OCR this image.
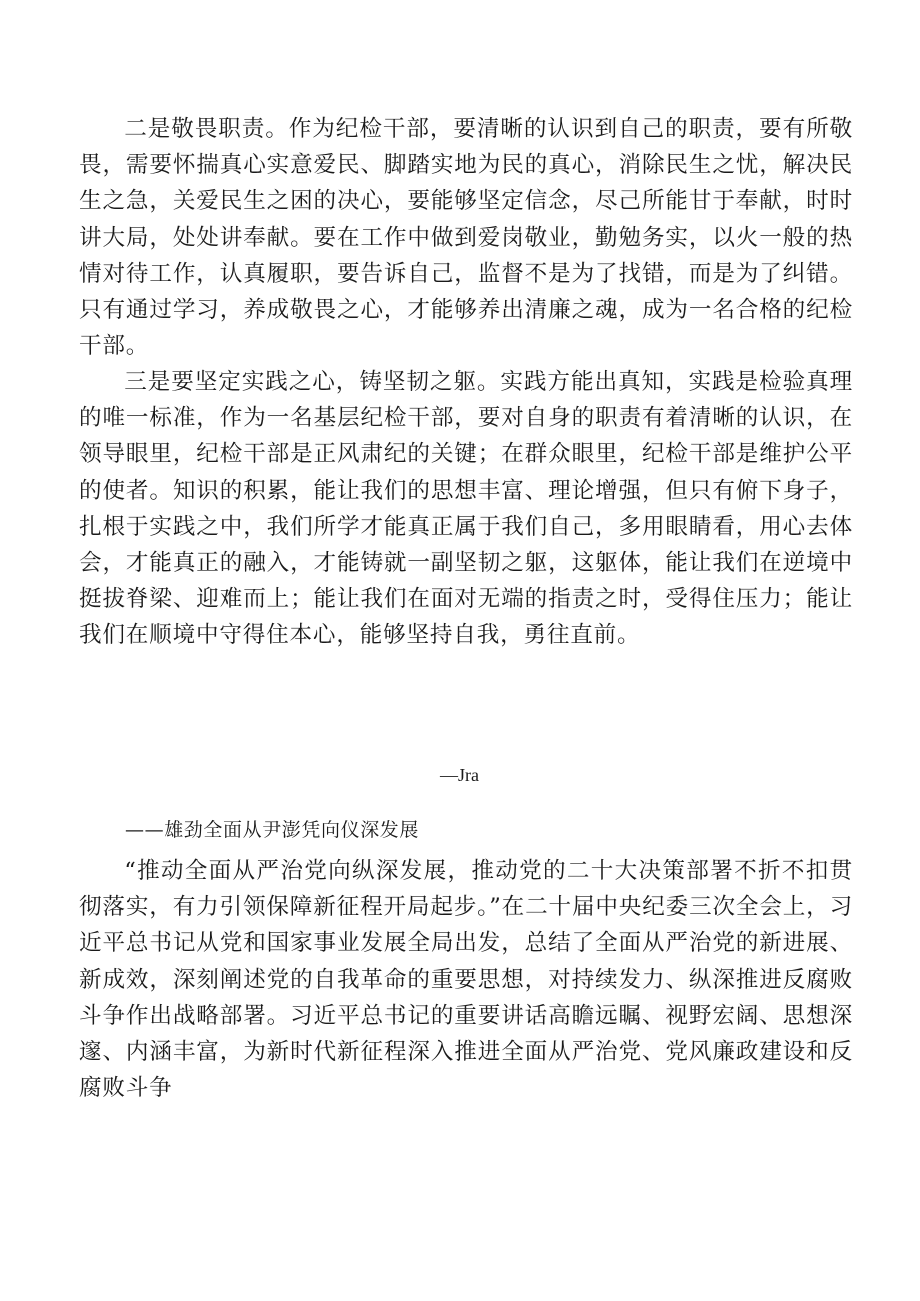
二是敬畏职责。作为纪检干部，要清晰的认识到自己的职责，要有所敬畏，需要怀揣真心实意爱民、脚踏实地为民的真心，消除民生之忧，解决民生之急，关爱民生之困的决心，要能够坚定信念，尽己所能甘于奉献，时时讲大局，处处讲奉献。要在工作中做到爱岗敬业，勤勉务实，以火一般的热情对待工作，认真履职，要告诉自己，监督不是为了找错，而是为了纠错。只有通过学习，养成敬畏之心，才能够养出清廉之魂，成为一名合格的纪检干部。

三是要坚定实践之心，铸坚韧之躯。实践方能出真知，实践是检验真理的唯一标准，作为一名基层纪检干部，要对自身的职责有着清晰的认识，在领导眼里，纪检干部是正风肃纪的关键；在群众眼里，纪检干部是维护公平的使者。知识的积累，能让我们的思想丰富、理论增强，但只有俯下身子，扎根于实践之中，我们所学才能真正属于我们自己，多用眼睛看，用心去体会，才能真正的融入，才能铸就一副坚韧之躯，这躯体，能让我们在逆境中挺拔脊梁、迎难而上；能让我们在面对无端的指责之时，受得住压力；能让我们在顺境中守得住本心，能够坚持自我，勇往直前。

—Jra
——雄劲全面从尹澎凭向仪深发展

“推动全面从严治党向纵深发展，推动党的二十大决策部署不折不扣贯彻落实，有力引领保障新征程开局起步。”在二十届中央纪委三次全会上，习近平总书记从党和国家事业发展全局出发，总结了全面从严治党的新进展、新成效，深刻阐述党的自我革命的重要思想，对持续发力、纵深推进反腐败斗争作出战略部署。习近平总书记的重要讲话高瞻远瞩、视野宏阔、思想深邃、内涵丰富，为新时代新征程深入推进全面从严治党、党风廉政建设和反腐败斗争
